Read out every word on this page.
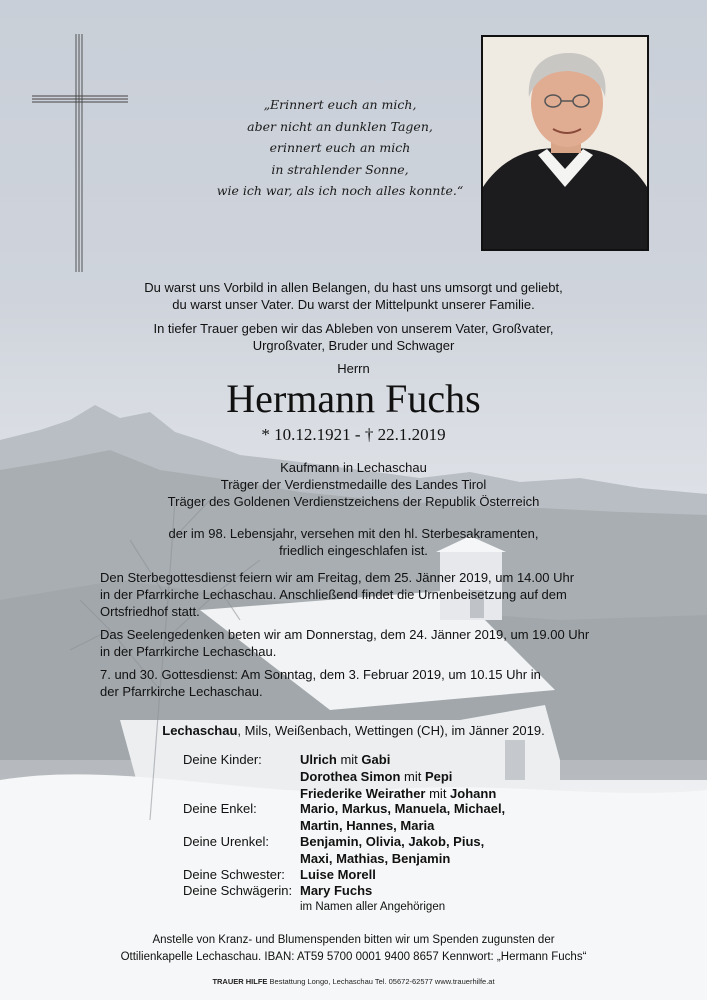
„Erinnert euch an mich,
aber nicht an dunklen Tagen,
erinnert euch an mich
in strahlender Sonne,
wie ich war, als ich noch alles konnte.“
Du warst uns Vorbild in allen Belangen, du hast uns umsorgt und geliebt,
du warst unser Vater. Du warst der Mittelpunkt unserer Familie.
In tiefer Trauer geben wir das Ableben von unserem Vater, Großvater,
Urgroßvater, Bruder und Schwager
Herrn
Hermann Fuchs
* 10.12.1921 - † 22.1.2019
Kaufmann in Lechaschau
Träger der Verdienstmedaille des Landes Tirol
Träger des Goldenen Verdienstzeichens der Republik Österreich
der im 98. Lebensjahr, versehen mit den hl. Sterbesakramenten,
friedlich eingeschlafen ist.
Den Sterbegottesdienst feiern wir am Freitag, dem 25. Jänner 2019, um 14.00 Uhr
in der Pfarrkirche Lechaschau. Anschließend findet die Urnenbeisetzung auf dem
Ortsfriedhof statt.
Das Seelengedenken beten wir am Donnerstag, dem 24. Jänner 2019, um 19.00 Uhr
in der Pfarrkirche Lechaschau.
7. und 30. Gottesdienst: Am Sonntag, dem 3. Februar 2019, um 10.15 Uhr in
der Pfarrkirche Lechaschau.
Lechaschau, Mils, Weißenbach, Wettingen (CH), im Jänner 2019.
Deine Kinder:	Ulrich mit Gabi
Dorothea Simon mit Pepi
Friederike Weirather mit Johann
Deine Enkel:	Mario, Markus, Manuela, Michael,
Martin, Hannes, Maria
Deine Urenkel: Benjamin, Olivia, Jakob, Pius,
Maxi, Mathias, Benjamin
Deine Schwester: Luise Morell
Deine Schwägerin: Mary Fuchs
im Namen aller Angehörigen
Anstelle von Kranz- und Blumenspenden bitten wir um Spenden zugunsten der
Ottilienkapelle Lechaschau. IBAN: AT59 5700 0001 9400 8657 Kennwort: „Hermann Fuchs“
TRAUER HILFE Bestattung Longo, Lechaschau Tel. 05672-62577 www.trauerhilfe.at
